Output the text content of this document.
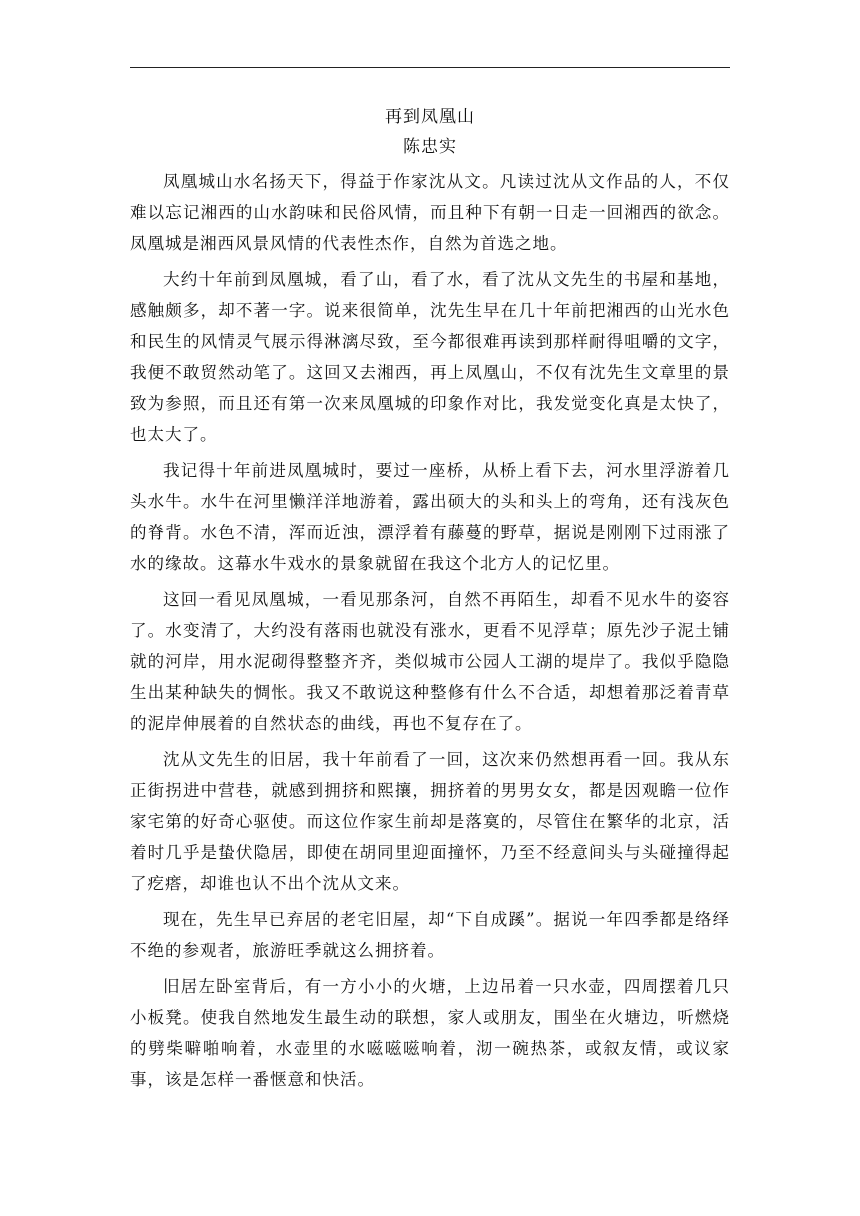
再到凤凰山
陈忠实

凤凰城山水名扬天下，得益于作家沈从文。凡读过沈从文作品的人，不仅难以忘记湘西的山水韵味和民俗风情，而且种下有朝一日走一回湘西的欲念。凤凰城是湘西风景风情的代表性杰作，自然为首选之地。

大约十年前到凤凰城，看了山，看了水，看了沈从文先生的书屋和基地，感触颇多，却不著一字。说来很简单，沈先生早在几十年前把湘西的山光水色和民生的风情灵气展示得淋漓尽致，至今都很难再读到那样耐得咀嚼的文字，我便不敢贸然动笔了。这回又去湘西，再上凤凰山，不仅有沈先生文章里的景致为参照，而且还有第一次来凤凰城的印象作对比，我发觉变化真是太快了，也太大了。

我记得十年前进凤凰城时，要过一座桥，从桥上看下去，河水里浮游着几头水牛。水牛在河里懒洋洋地游着，露出硕大的头和头上的弯角，还有浅灰色的脊背。水色不清，浑而近浊，漂浮着有藤蔓的野草，据说是刚刚下过雨涨了水的缘故。这幕水牛戏水的景象就留在我这个北方人的记忆里。

这回一看见凤凰城，一看见那条河，自然不再陌生，却看不见水牛的姿容了。水变清了，大约没有落雨也就没有涨水，更看不见浮草；原先沙子泥土铺就的河岸，用水泥砌得整整齐齐，类似城市公园人工湖的堤岸了。我似乎隐隐生出某种缺失的惆怅。我又不敢说这种整修有什么不合适，却想着那泛着青草的泥岸伸展着的自然状态的曲线，再也不复存在了。

沈从文先生的旧居，我十年前看了一回，这次来仍然想再看一回。我从东正街拐进中营巷，就感到拥挤和熙攘，拥挤着的男男女女，都是因观瞻一位作家宅第的好奇心驱使。而这位作家生前却是落寞的，尽管住在繁华的北京，活着时几乎是蛰伏隐居，即使在胡同里迎面撞怀，乃至不经意间头与头碰撞得起了疙瘩，却谁也认不出个沈从文来。

现在，先生早已弃居的老宅旧屋，却“下自成蹊”。据说一年四季都是络绎不绝的参观者，旅游旺季就这么拥挤着。

旧居左卧室背后，有一方小小的火塘，上边吊着一只水壶，四周摆着几只小板凳。使我自然地发生最生动的联想，家人或朋友，围坐在火塘边，听燃烧的劈柴噼啪响着，水壶里的水嗞嗞嗞响着，沏一碗热茶，或叙友情，或议家事，该是怎样一番惬意和快活。
